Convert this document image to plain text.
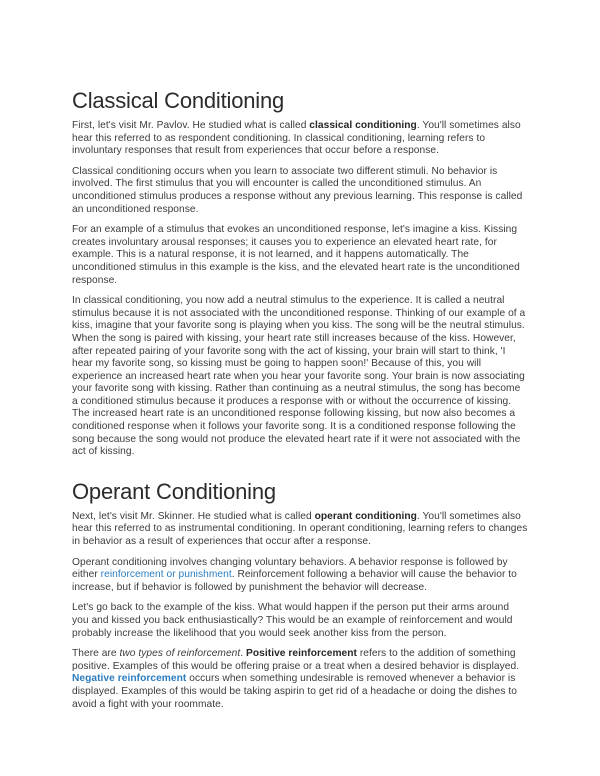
Classical Conditioning

First, let's visit Mr. Pavlov. He studied what is called classical conditioning. You'll sometimes also hear this referred to as respondent conditioning. In classical conditioning, learning refers to involuntary responses that result from experiences that occur before a response.

Classical conditioning occurs when you learn to associate two different stimuli. No behavior is involved. The first stimulus that you will encounter is called the unconditioned stimulus. An unconditioned stimulus produces a response without any previous learning. This response is called an unconditioned response.

For an example of a stimulus that evokes an unconditioned response, let's imagine a kiss. Kissing creates involuntary arousal responses; it causes you to experience an elevated heart rate, for example. This is a natural response, it is not learned, and it happens automatically. The unconditioned stimulus in this example is the kiss, and the elevated heart rate is the unconditioned response.

In classical conditioning, you now add a neutral stimulus to the experience. It is called a neutral stimulus because it is not associated with the unconditioned response. Thinking of our example of a kiss, imagine that your favorite song is playing when you kiss. The song will be the neutral stimulus. When the song is paired with kissing, your heart rate still increases because of the kiss. However, after repeated pairing of your favorite song with the act of kissing, your brain will start to think, 'I hear my favorite song, so kissing must be going to happen soon!' Because of this, you will experience an increased heart rate when you hear your favorite song. Your brain is now associating your favorite song with kissing. Rather than continuing as a neutral stimulus, the song has become a conditioned stimulus because it produces a response with or without the occurrence of kissing. The increased heart rate is an unconditioned response following kissing, but now also becomes a conditioned response when it follows your favorite song. It is a conditioned response following the song because the song would not produce the elevated heart rate if it were not associated with the act of kissing.

Operant Conditioning

Next, let's visit Mr. Skinner. He studied what is called operant conditioning. You'll sometimes also hear this referred to as instrumental conditioning. In operant conditioning, learning refers to changes in behavior as a result of experiences that occur after a response.

Operant conditioning involves changing voluntary behaviors. A behavior response is followed by either reinforcement or punishment. Reinforcement following a behavior will cause the behavior to increase, but if behavior is followed by punishment the behavior will decrease.

Let's go back to the example of the kiss. What would happen if the person put their arms around you and kissed you back enthusiastically? This would be an example of reinforcement and would probably increase the likelihood that you would seek another kiss from the person.

There are two types of reinforcement. Positive reinforcement refers to the addition of something positive. Examples of this would be offering praise or a treat when a desired behavior is displayed. Negative reinforcement occurs when something undesirable is removed whenever a behavior is displayed. Examples of this would be taking aspirin to get rid of a headache or doing the dishes to avoid a fight with your roommate.
